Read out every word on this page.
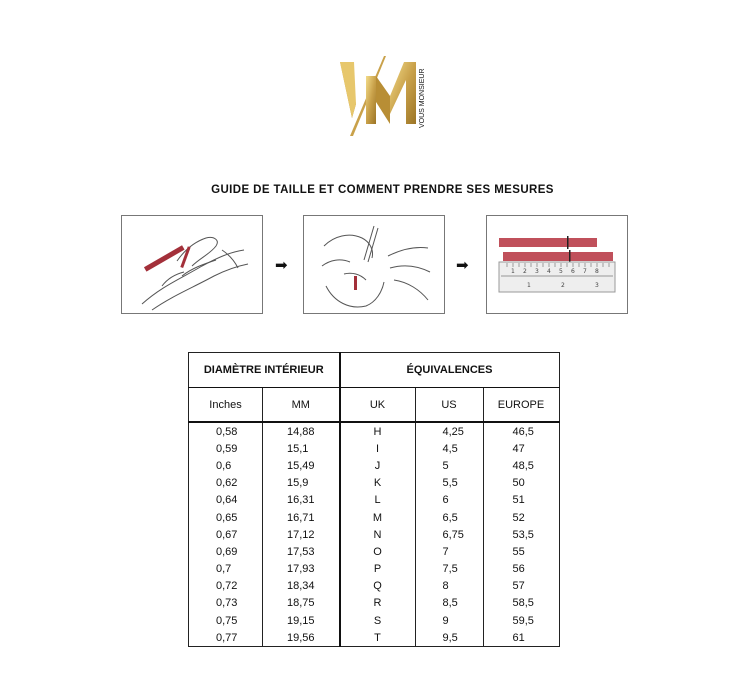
VOUS MONSIEUR
GUIDE DE TAILLE ET COMMENT PRENDRE SES MESURES
➡	➡	1 2 3 4 5 6 7 8
1	2	3
DIAMÈTRE INTÉRIEUR		ÉQUIVALENCES		
Inches	MM	UK	US	EUROPE
0,58	14,88	H	4,25	46,5
0,59	15,1	I	4,5	47
0,6	15,49	J	5	48,5
0,62	15,9	K	5,5	50
0,64	16,31	L	6	51
0,65	16,71	M	6,5	52
0,67	17,12	N	6,75	53,5
0,69	17,53	O	7	55
0,7	17,93	P	7,5	56
0,72	18,34	Q	8	57
0,73	18,75	R	8,5	58,5
0,75	19,15	S	9	59,5
0,77	19,56	T	9,5	61
